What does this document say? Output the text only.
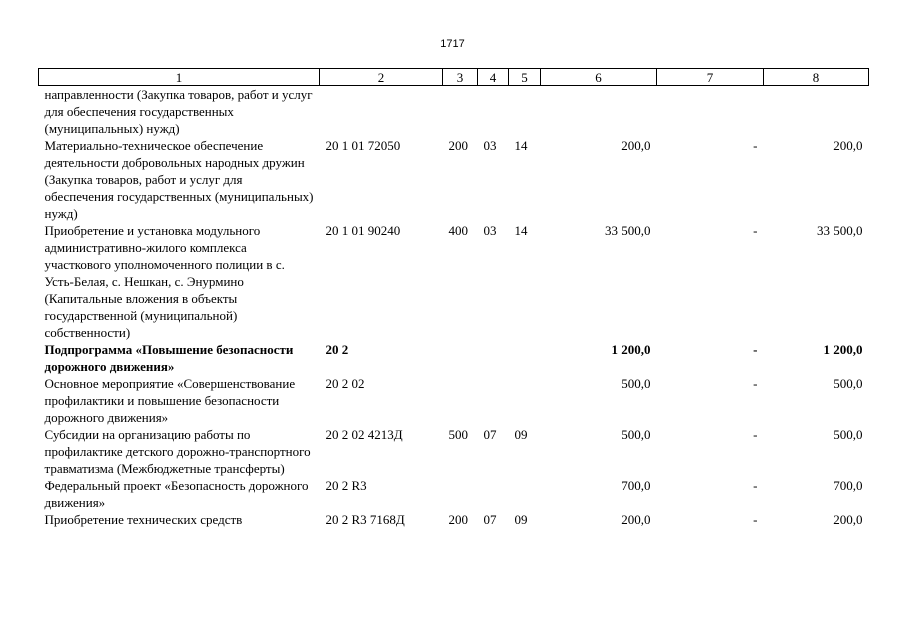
1717
1	2	3	4	5	6	7	8
направленности (Закупка товаров, работ и услуг для обеспечения государственных (муниципальных) нужд)							
Материально-техническое обеспечение деятельности добровольных народных дружин (Закупка товаров, работ и услуг для обеспечения государственных (муниципальных) нужд)	20 1 01 72050	200	03	14	200,0	-	200,0
Приобретение и установка модульного административно-жилого комплекса участкового уполномоченного полиции в с. Усть-Белая, с. Нешкан, с. Энурмино (Капитальные вложения в объекты государственной (муниципальной) собственности)	20 1 01 90240	400	03	14	33 500,0	-	33 500,0
Подпрограмма «Повышение безопасности дорожного движения»	20 2				1 200,0	-	1 200,0
Основное мероприятие «Совершенствование профилактики и повышение безопасности дорожного движения»	20 2 02				500,0	-	500,0
Субсидии на организацию работы по профилактике детского дорожно-транспортного травматизма (Межбюджетные трансферты)	20 2 02 4213Д	500	07	09	500,0	-	500,0
Федеральный проект «Безопасность дорожного движения»	20 2 R3				700,0	-	700,0
Приобретение технических средств	20 2 R3 7168Д	200	07	09	200,0	-	200,0
